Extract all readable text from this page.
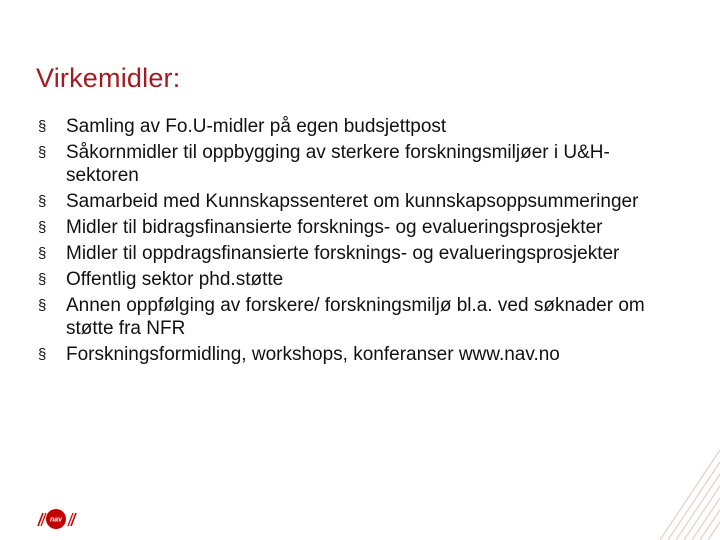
Virkemidler:
§ Samling av Fo.U-midler på egen budsjettpost
§ Såkornmidler til oppbygging av sterkere forskningsmiljøer i U&H-sektoren
§ Samarbeid med Kunnskapssenteret om kunnskapsoppsummeringer
§ Midler til bidragsfinansierte forsknings- og evalueringsprosjekter
§ Midler til oppdragsfinansierte forsknings- og evalueringsprosjekter
§ Offentlig sektor phd.støtte
§ Annen oppfølging av forskere/ forskningsmiljø bl.a. ved søknader om støtte fra NFR
§ Forskningsformidling, workshops, konferanser www.nav.no
nav
